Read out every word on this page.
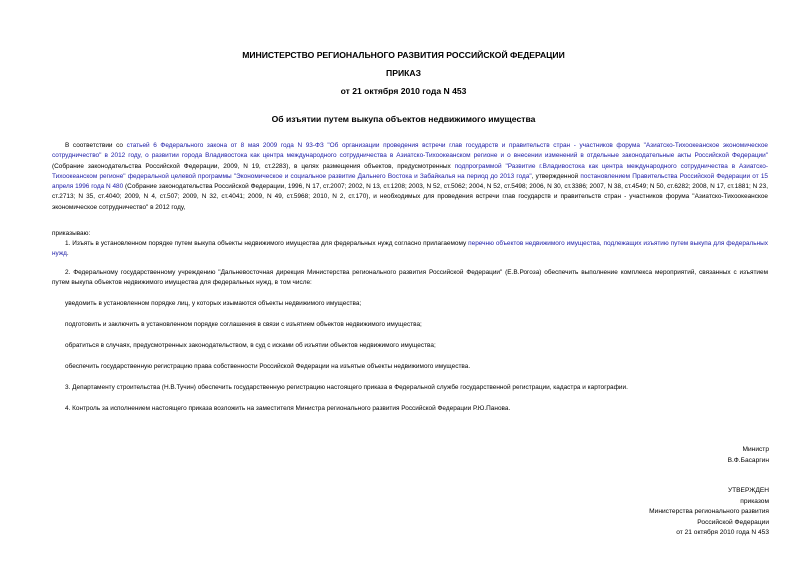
МИНИСТЕРСТВО РЕГИОНАЛЬНОГО РАЗВИТИЯ РОССИЙСКОЙ ФЕДЕРАЦИИ
ПРИКАЗ
от 21 октября 2010 года N 453
Об изъятии путем выкупа объектов недвижимого имущества
В соответствии со статьей 6 Федерального закона от 8 мая 2009 года N 93-ФЗ "Об организации проведения встречи глав государств и правительств стран - участников форума "Азиатско-Тихоокеанское экономическое сотрудничество" в 2012 году, о развитии города Владивостока как центра международного сотрудничества в Азиатско-Тихоокеанском регионе и о внесении изменений в отдельные законодательные акты Российской Федерации" (Собрание законодательства Российской Федерации, 2009, N 19, ст.2283), в целях размещения объектов, предусмотренных подпрограммой "Развитие г.Владивостока как центра международного сотрудничества в Азиатско-Тихоокеанском регионе" федеральной целевой программы "Экономическое и социальное развитие Дальнего Востока и Забайкалья на период до 2013 года", утвержденной постановлением Правительства Российской Федерации от 15 апреля 1996 года N 480 (Собрание законодательства Российской Федерации, 1996, N 17, ст.2007; 2002, N 13, ст.1208; 2003, N 52, ст.5062; 2004, N 52, ст.5498; 2006, N 30, ст.3386; 2007, N 38, ст.4549; N 50, ст.6282; 2008, N 17, ст.1881; N 23, ст.2713; N 35, ст.4040; 2009, N 4, ст.507; 2009, N 32, ст.4041; 2009, N 49, ст.5968; 2010, N 2, ст.170), и необходимых для проведения встречи глав государств и правительств стран - участников форума "Азиатско-Тихоокеанское экономическое сотрудничество" в 2012 году,
приказываю:
1. Изъять в установленном порядке путем выкупа объекты недвижимого имущества для федеральных нужд согласно прилагаемому перечню объектов недвижимого имущества, подлежащих изъятию путем выкупа для федеральных нужд.
2. Федеральному государственному учреждению "Дальневосточная дирекция Министерства регионального развития Российской Федерации" (Е.В.Рогоза) обеспечить выполнение комплекса мероприятий, связанных с изъятием путем выкупа объектов недвижимого имущества для федеральных нужд, в том числе:
уведомить в установленном порядке лиц, у которых изымаются объекты недвижимого имущества;
подготовить и заключить в установленном порядке соглашения в связи с изъятием объектов недвижимого имущества;
обратиться в случаях, предусмотренных законодательством, в суд с исками об изъятии объектов недвижимого имущества;
обеспечить государственную регистрацию права собственности Российской Федерации на изъятые объекты недвижимого имущества.
3. Департаменту строительства (Н.В.Тучин) обеспечить государственную регистрацию настоящего приказа в Федеральной службе государственной регистрации, кадастра и картографии.
4. Контроль за исполнением настоящего приказа возложить на заместителя Министра регионального развития Российской Федерации Р.Ю.Панова.
Министр
В.Ф.Басаргин
УТВЕРЖДЕН
приказом
Министерства регионального развития
Российской Федерации
от 21 октября 2010 года N 453
